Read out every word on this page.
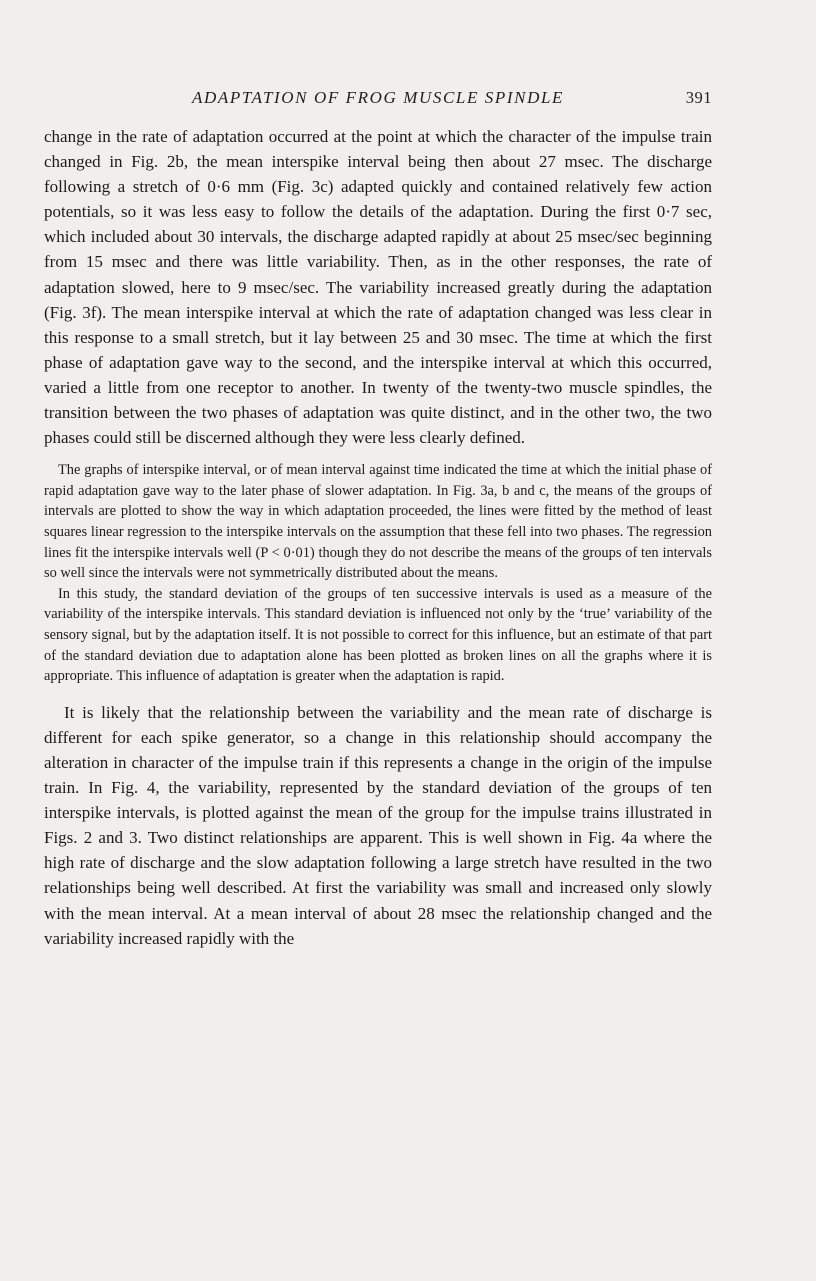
ADAPTATION OF FROG MUSCLE SPINDLE	391

change in the rate of adaptation occurred at the point at which the character of the impulse train changed in Fig. 2b, the mean interspike interval being then about 27 msec. The discharge following a stretch of 0·6 mm (Fig. 3c) adapted quickly and contained relatively few action potentials, so it was less easy to follow the details of the adaptation. During the first 0·7 sec, which included about 30 intervals, the discharge adapted rapidly at about 25 msec/sec beginning from 15 msec and there was little variability. Then, as in the other responses, the rate of adaptation slowed, here to 9 msec/sec. The variability increased greatly during the adaptation (Fig. 3f). The mean interspike interval at which the rate of adaptation changed was less clear in this response to a small stretch, but it lay between 25 and 30 msec. The time at which the first phase of adaptation gave way to the second, and the interspike interval at which this occurred, varied a little from one receptor to another. In twenty of the twenty-two muscle spindles, the transition between the two phases of adaptation was quite distinct, and in the other two, the two phases could still be discerned although they were less clearly defined.

The graphs of interspike interval, or of mean interval against time indicated the time at which the initial phase of rapid adaptation gave way to the later phase of slower adaptation. In Fig. 3a, b and c, the means of the groups of intervals are plotted to show the way in which adaptation proceeded, the lines were fitted by the method of least squares linear regression to the interspike intervals on the assumption that these fell into two phases. The regression lines fit the interspike intervals well (P < 0·01) though they do not describe the means of the groups of ten intervals so well since the intervals were not symmetrically distributed about the means.

In this study, the standard deviation of the groups of ten successive intervals is used as a measure of the variability of the interspike intervals. This standard deviation is influenced not only by the ‘true’ variability of the sensory signal, but by the adaptation itself. It is not possible to correct for this influence, but an estimate of that part of the standard deviation due to adaptation alone has been plotted as broken lines on all the graphs where it is appropriate. This influence of adaptation is greater when the adaptation is rapid.

It is likely that the relationship between the variability and the mean rate of discharge is different for each spike generator, so a change in this relationship should accompany the alteration in character of the impulse train if this represents a change in the origin of the impulse train. In Fig. 4, the variability, represented by the standard deviation of the groups of ten interspike intervals, is plotted against the mean of the group for the impulse trains illustrated in Figs. 2 and 3. Two distinct relationships are apparent. This is well shown in Fig. 4a where the high rate of discharge and the slow adaptation following a large stretch have resulted in the two relationships being well described. At first the variability was small and increased only slowly with the mean interval. At a mean interval of about 28 msec the relationship changed and the variability increased rapidly with the
